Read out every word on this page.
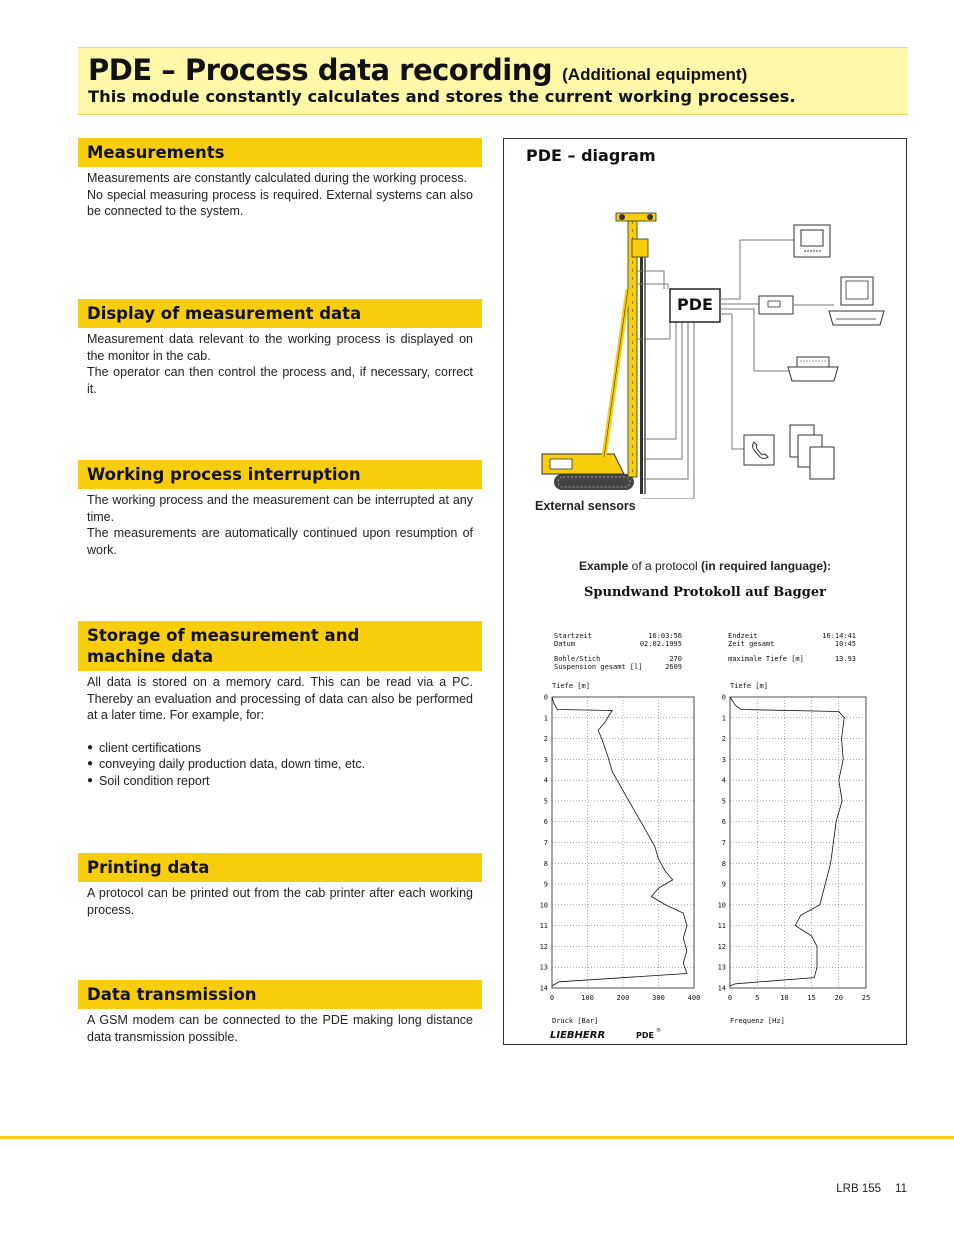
PDE – Process data recording (Additional equipment)
This module constantly calculates and stores the current working processes.
Measurements

Measurements are constantly calculated during the working process.

No special measuring process is required. External systems can also be connected to the system.

Display of measurement data

Measurement data relevant to the working process is displayed on the monitor in the cab.

The operator can then control the process and, if necessary, correct it.

Working process interruption

The working process and the measurement can be interrupted at any time.

The measurements are automatically continued upon resumption of work.

Storage of measurement and
machine data

All data is stored on a memory card. This can be read via a PC. Thereby an evaluation and processing of data can also be performed at a later time. For example, for:

● client certifications
● conveying daily production data, down time, etc.
● Soil condition report
Printing data

A protocol can be printed out from the cab printer after each working process.

Data transmission

A GSM modem can be connected to the PDE making long distance data transmission possible.

PDE – diagram
PDE
External sensors
Example of a protocol (in required language):
Spundwand Protokoll auf Bagger
Startzeit	16:03:56
Datum	02.02.1995
Bohle/Stich	270
Suspension gesamt [l]	2609
Endzeit	16:14:41
Zeit gesamt	10:45
maximale Tiefe [m]	13.93
Tiefe [m]	Tiefe [m]
0
1
2
3
4
5
6
7
8
9
10
11
12
13
14
0	100	200	300	400
0
1
2
3
4
5
6
7
8
9
10
11
12
13
14
0	5	10	15	20	25
Druck [Bar]	Frequenz [Hz]
LIEBHERR	PDE ®
LRB 155 11
